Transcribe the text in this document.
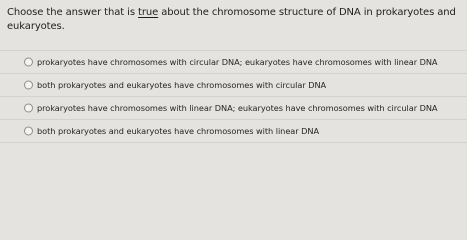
Choose the answer that is true about the chromosome structure of DNA in prokaryotes and eukaryotes.
prokaryotes have chromosomes with circular DNA; eukaryotes have chromosomes with linear DNA
both prokaryotes and eukaryotes have chromosomes with circular DNA
prokaryotes have chromosomes with linear DNA; eukaryotes have chromosomes with circular DNA
both prokaryotes and eukaryotes have chromosomes with linear DNA
